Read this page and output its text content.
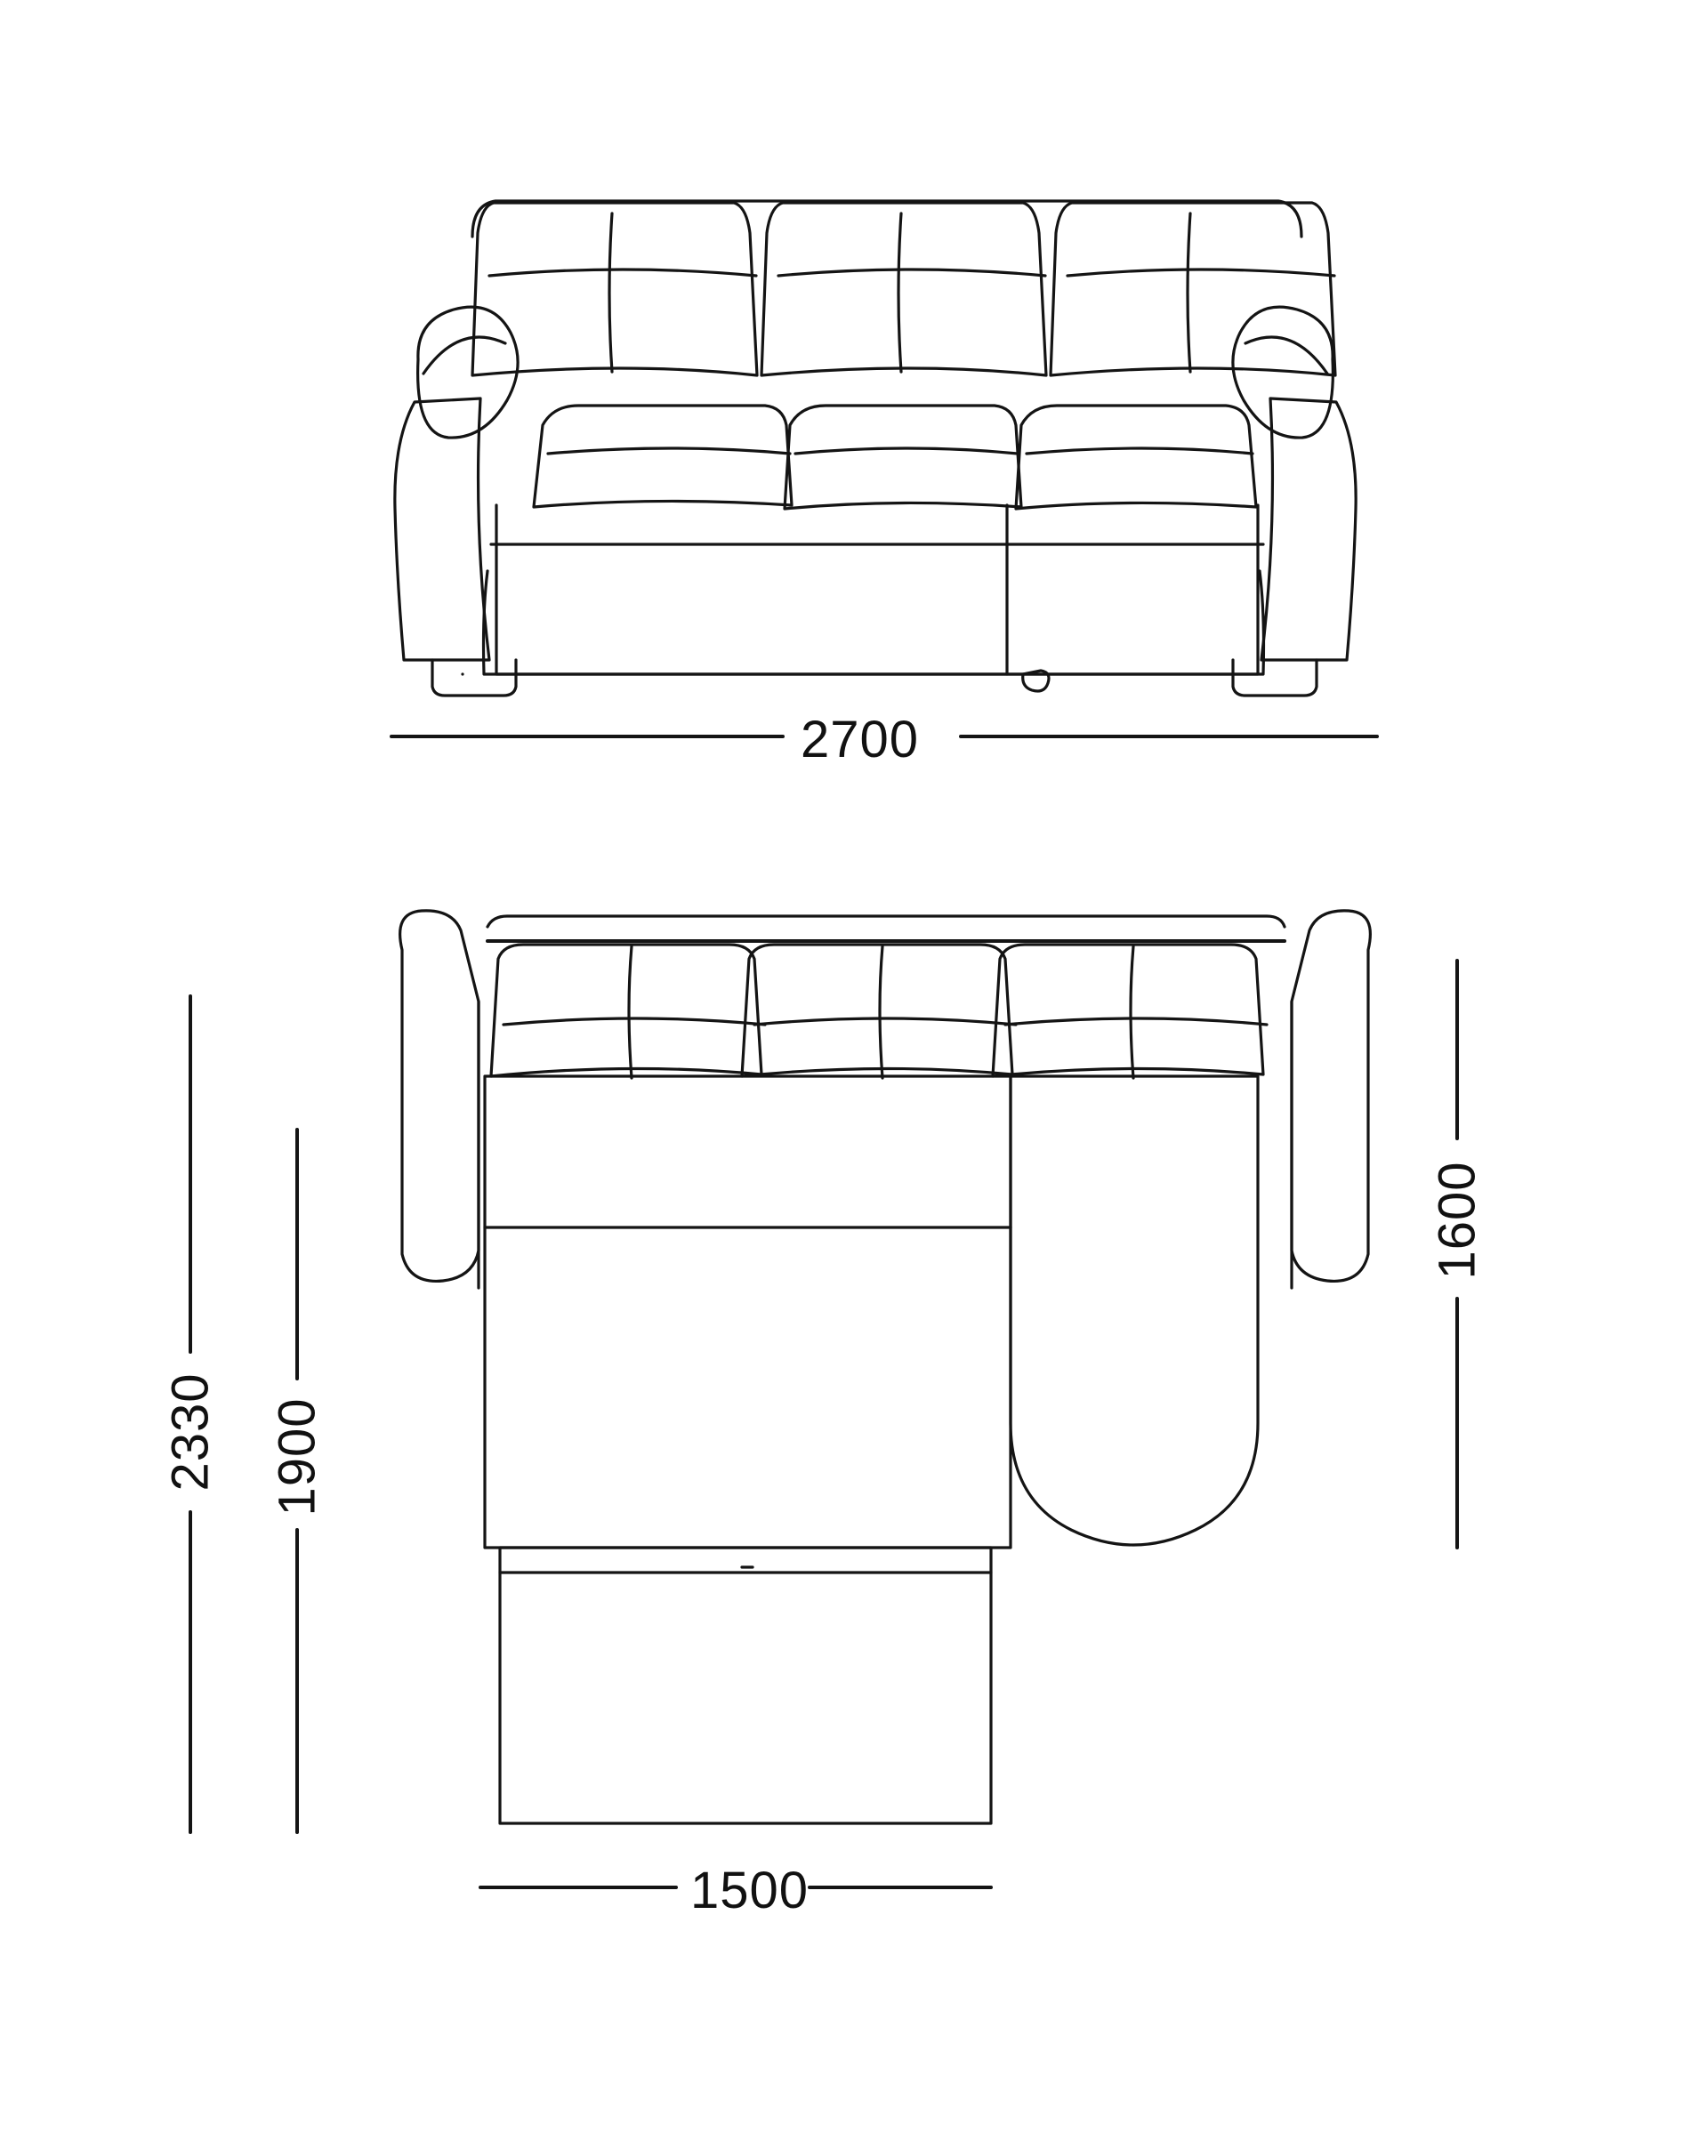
2700
2330 1900
1600
1500
